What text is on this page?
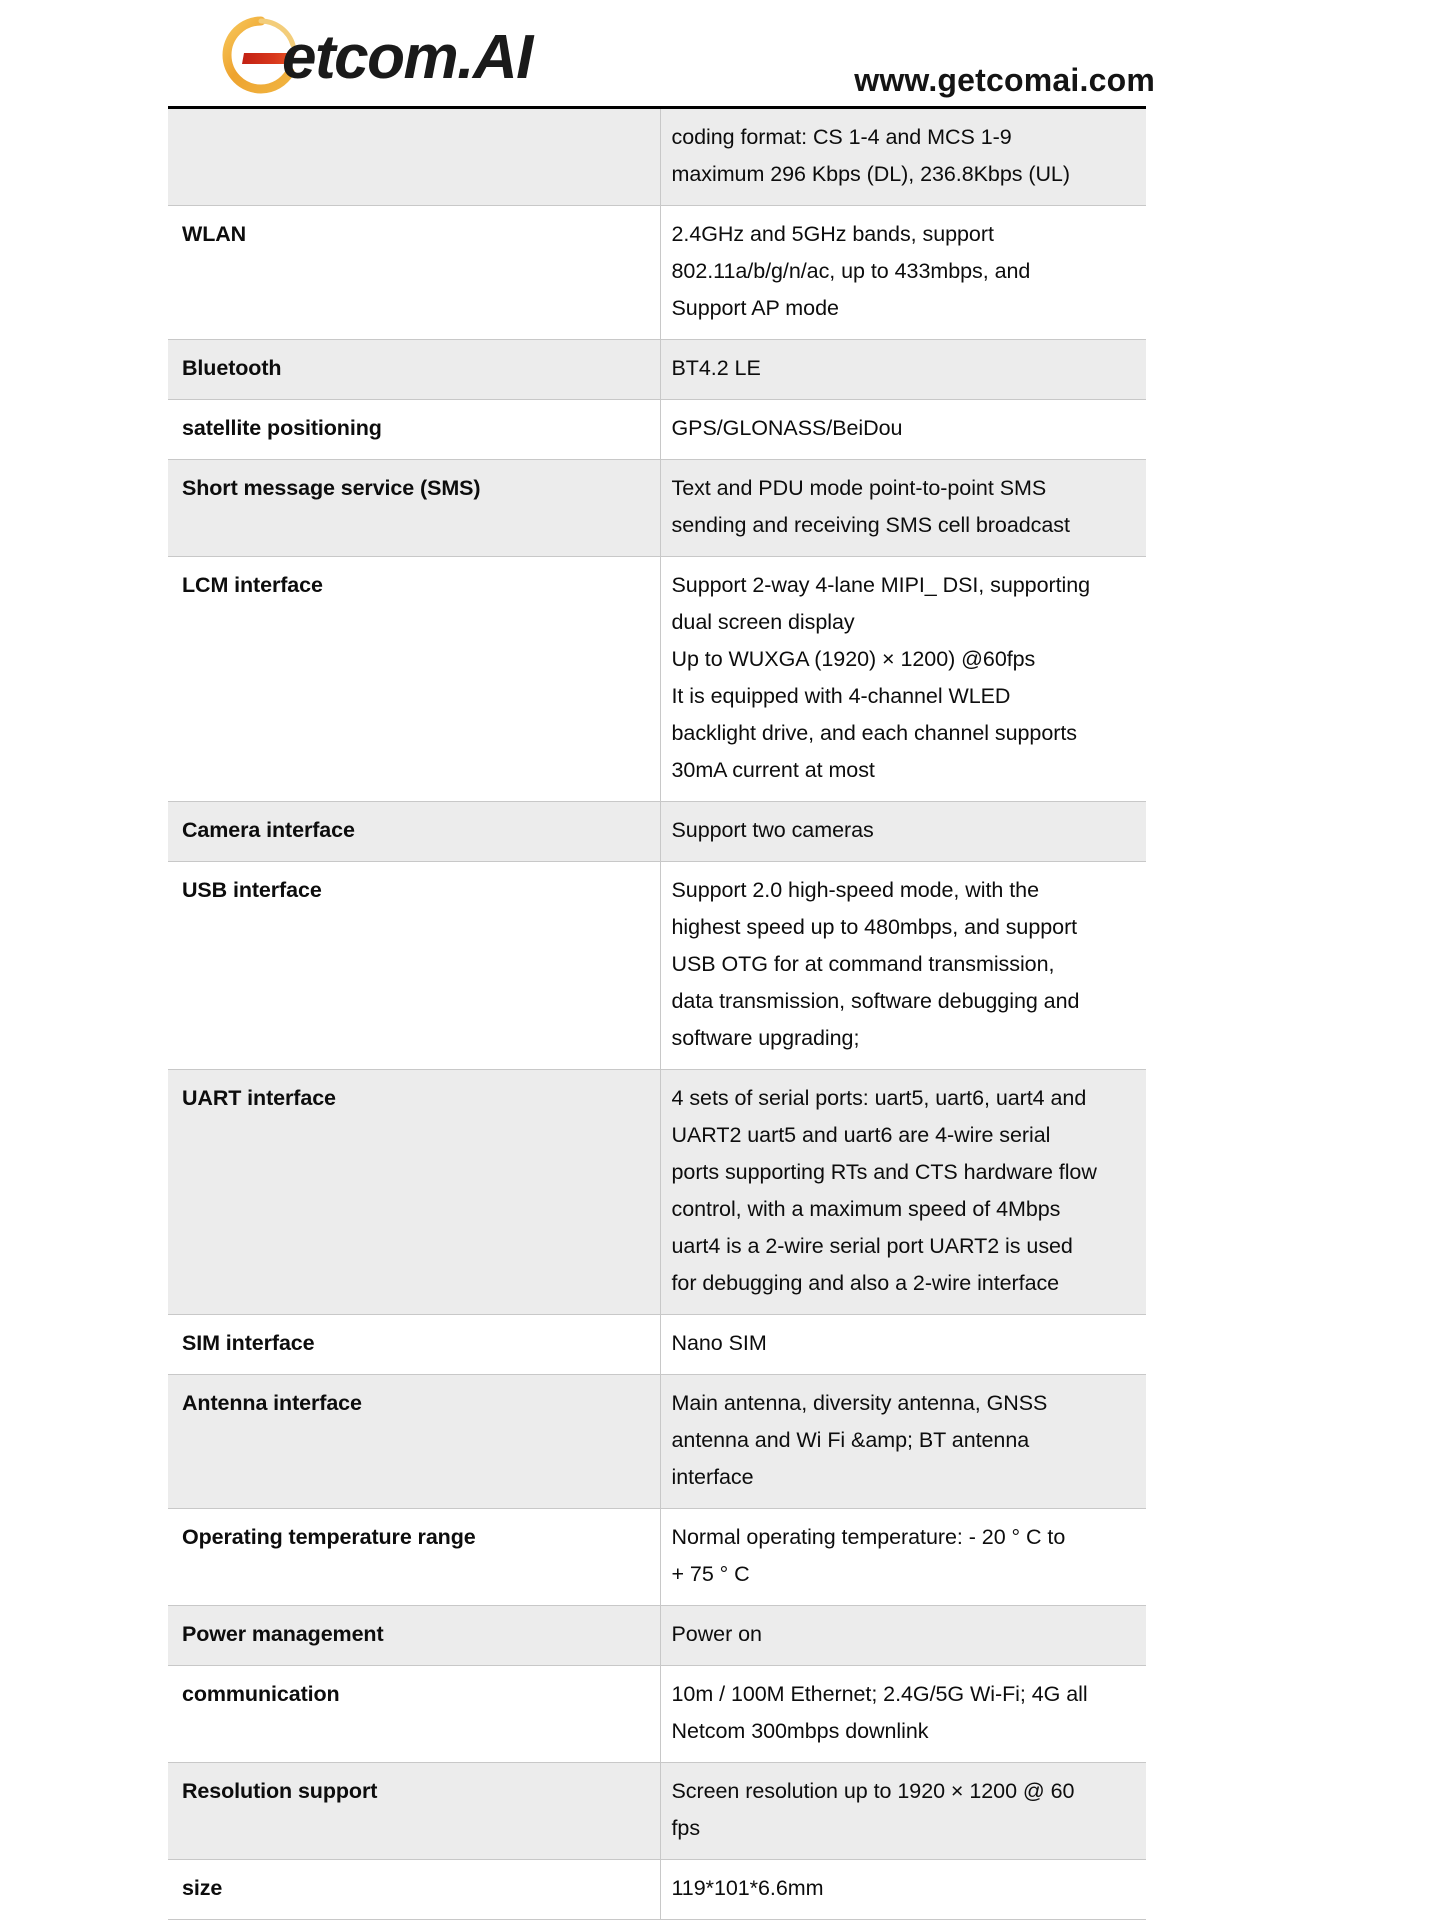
etcom.AI	www.getcomai.com

	coding format: CS 1-4 and MCS 1-9

maximum 296 Kbps (DL), 236.8Kbps (UL)

WLAN	2.4GHz and 5GHz bands, support

802.11a/b/g/n/ac, up to 433mbps, and

Support AP mode

Bluetooth	BT4.2 LE

satellite positioning	GPS/GLONASS/BeiDou

Short message service (SMS)	Text and PDU mode point-to-point SMS

sending and receiving SMS cell broadcast

LCM interface	Support 2-way 4-lane MIPI_ DSI, supporting

dual screen display

Up to WUXGA (1920) × 1200) @60fps

It is equipped with 4-channel WLED

backlight drive, and each channel supports

30mA current at most

Camera interface	Support two cameras

USB interface	Support 2.0 high-speed mode, with the

highest speed up to 480mbps, and support

USB OTG for at command transmission,

data transmission, software debugging and

software upgrading;

UART interface	4 sets of serial ports: uart5, uart6, uart4 and

UART2 uart5 and uart6 are 4-wire serial

ports supporting RTs and CTS hardware flow

control, with a maximum speed of 4Mbps

uart4 is a 2-wire serial port UART2 is used

for debugging and also a 2-wire interface

SIM interface	Nano SIM

Antenna interface	Main antenna, diversity antenna, GNSS

antenna and Wi Fi &amp; BT antenna

interface

Operating temperature range	Normal operating temperature: - 20 ° C to

+ 75 ° C

Power management	Power on

communication	10m / 100M Ethernet; 2.4G/5G Wi-Fi; 4G all

Netcom 300mbps downlink

Resolution support	Screen resolution up to 1920 × 1200 @ 60

fps

size	119*101*6.6mm
